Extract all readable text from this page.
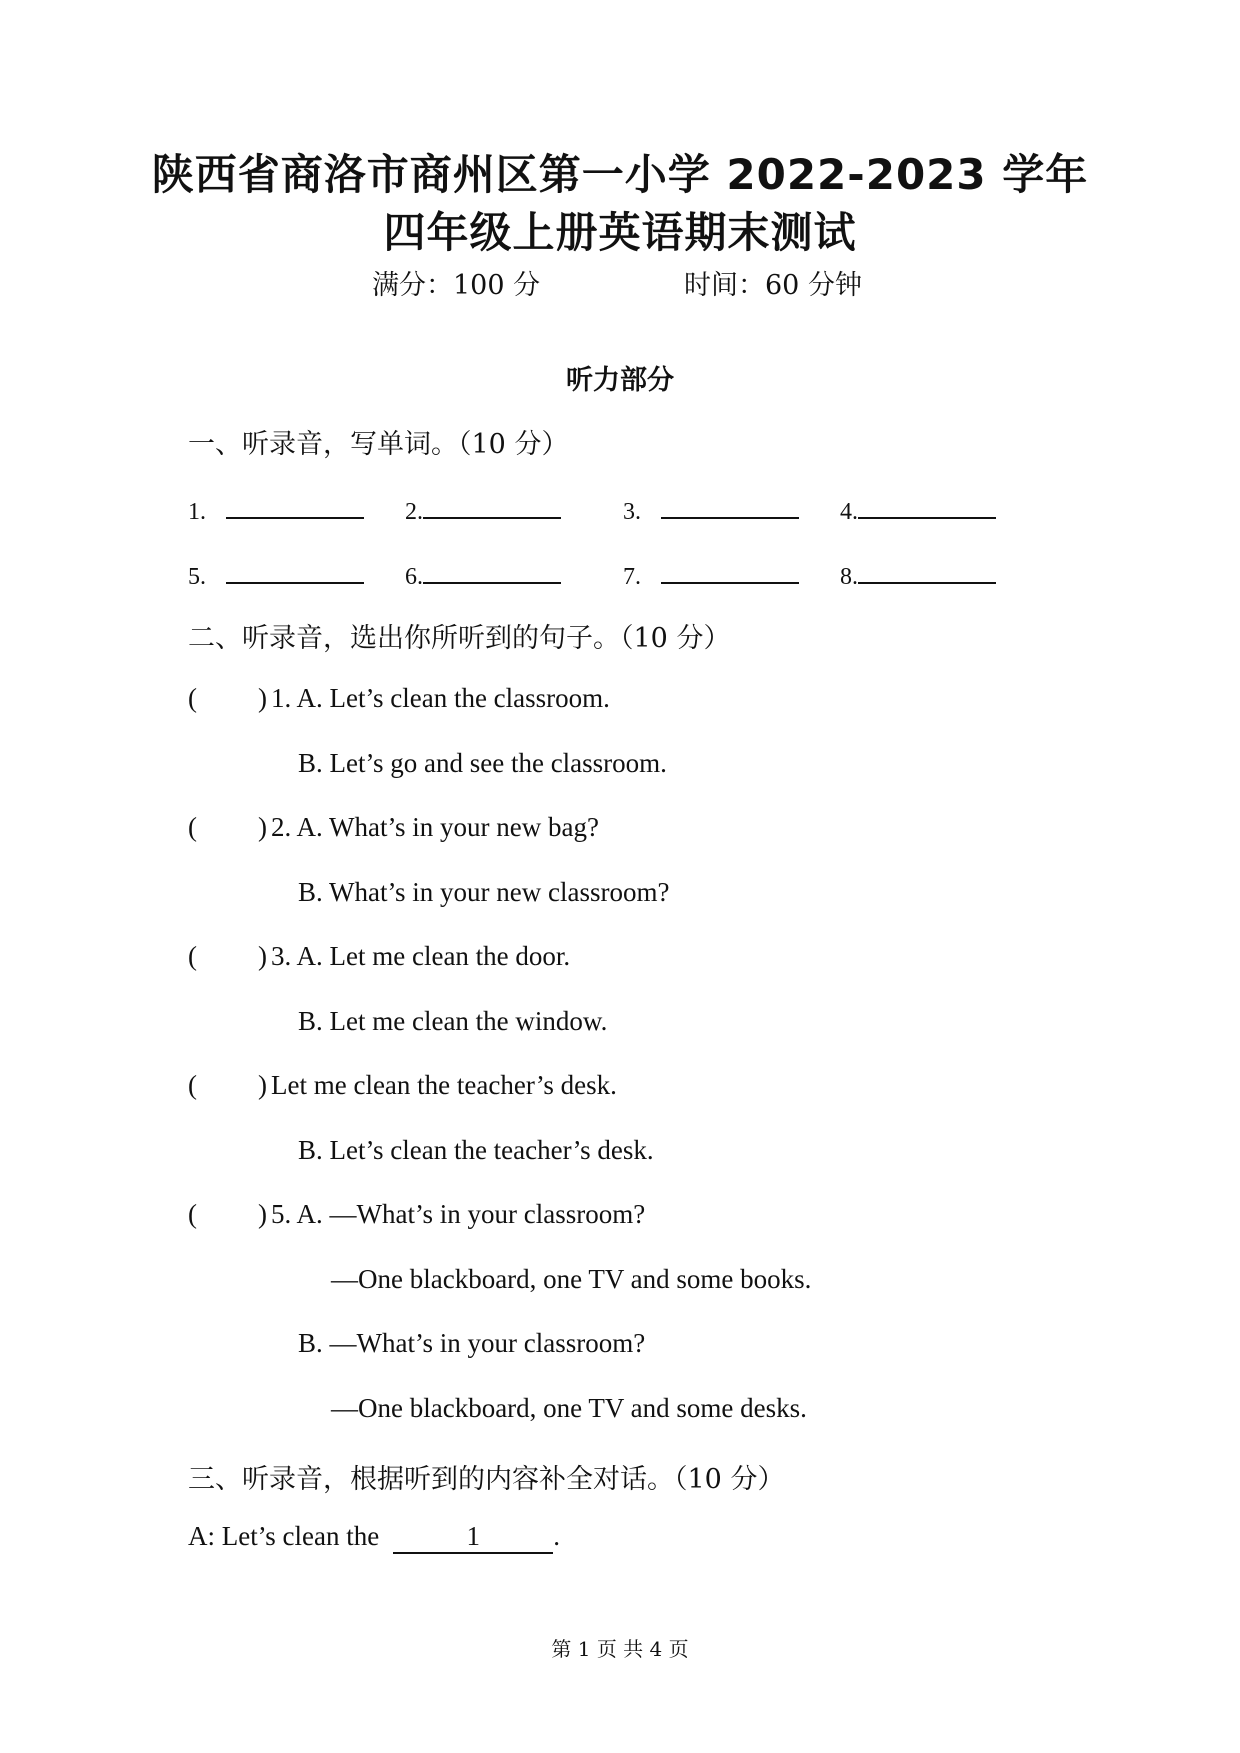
陕西省商洛市商州区第一小学 2022-2023 学年
四年级上册英语期末测试
满分：100 分	时间：60 分钟
听力部分
一、听录音，写单词。（10 分）
1.	2.	3.	4.
5.	6.	7.	8.
二、听录音，选出你所听到的句子。（10 分）
( ) 1. A. Let’s clean the classroom.
B. Let’s go and see the classroom.
( ) 2. A. What’s in your new bag?
B. What’s in your new classroom?
( ) 3. A. Let me clean the door.
B. Let me clean the window.
( ) Let me clean the teacher’s desk.
B. Let’s clean the teacher’s desk.
( ) 5. A. —What’s in your classroom?
—One blackboard, one TV and some books.
B. —What’s in your classroom?
—One blackboard, one TV and some desks.
三、听录音，根据听到的内容补全对话。（10 分）
A: Let’s clean the	1	.
第 1 页 共 4 页
